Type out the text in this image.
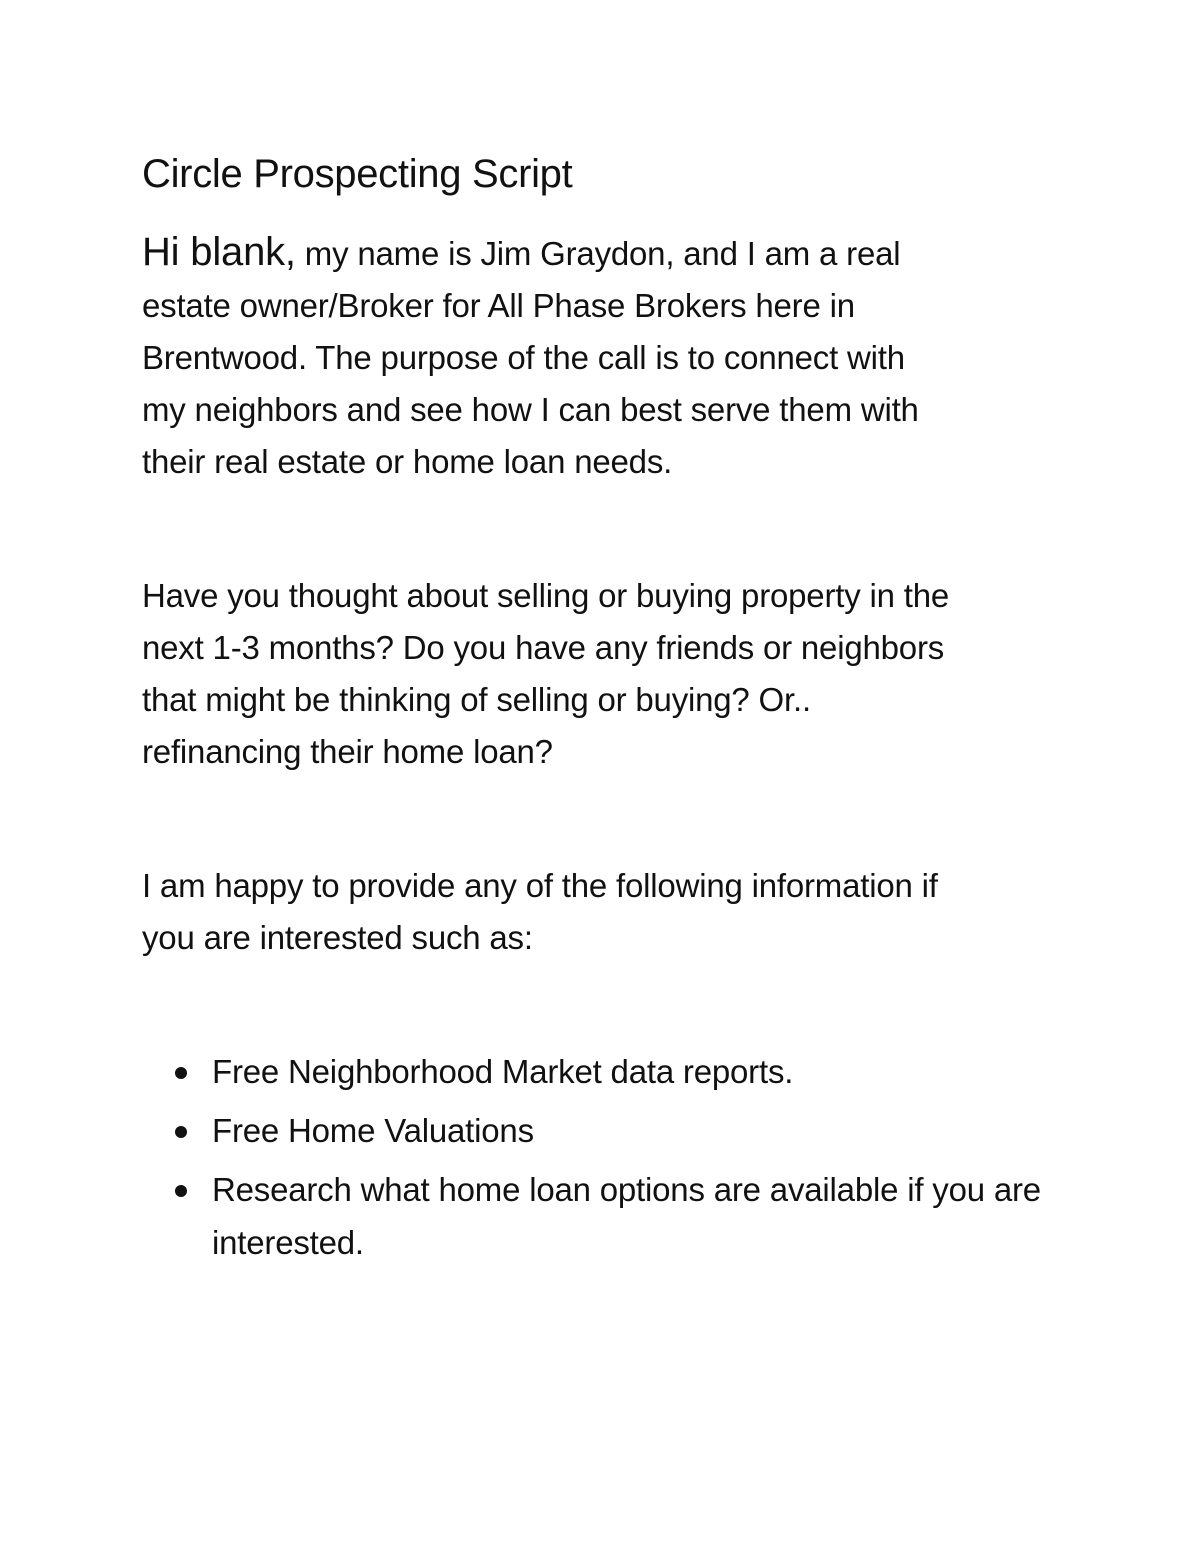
Circle Prospecting Script
Hi blank, my name is Jim Graydon, and I am a real
estate owner/Broker for All Phase Brokers here in
Brentwood. The purpose of the call is to connect with
my neighbors and see how I can best serve them with
their real estate or home loan needs.
Have you thought about selling or buying property in the
next 1-3 months? Do you have any friends or neighbors
that might be thinking of selling or buying? Or..
refinancing their home loan?
I am happy to provide any of the following information if
you are interested such as:
Free Neighborhood Market data reports.
Free Home Valuations
Research what home loan options are available if you are interested.
